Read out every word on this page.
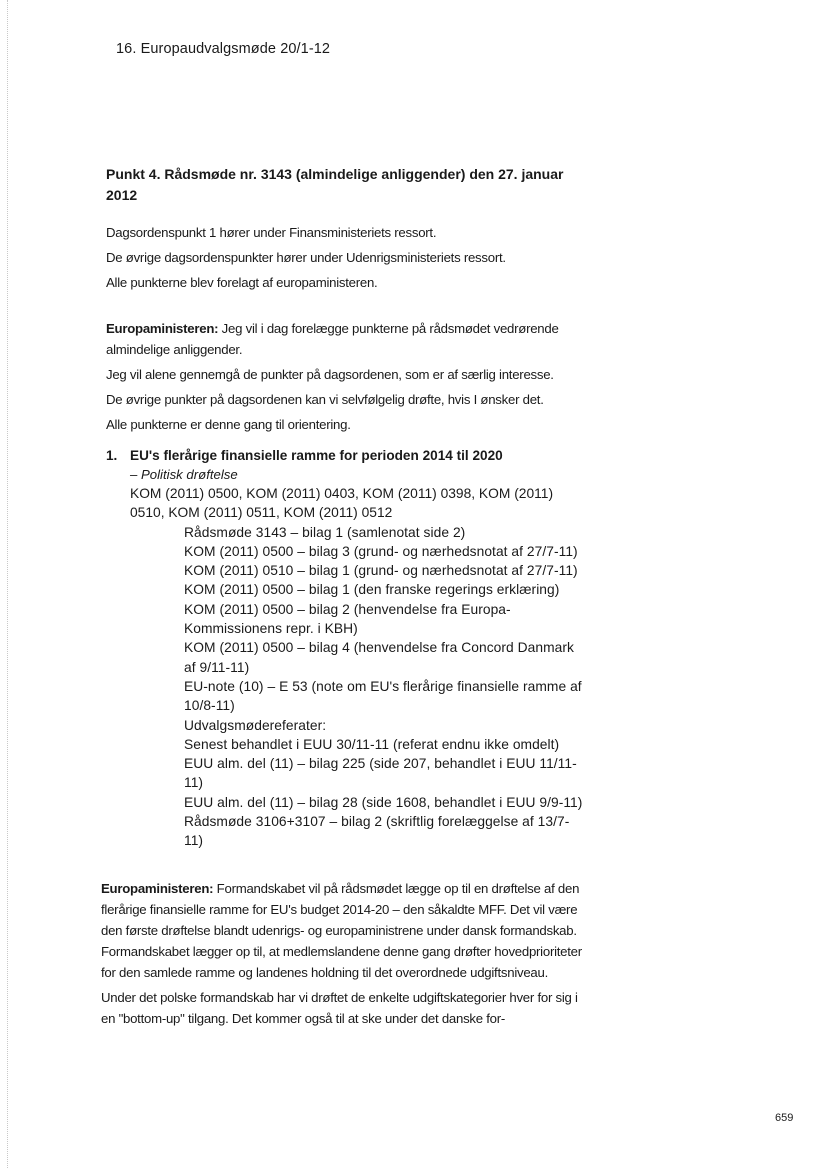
16. Europaudvalgsmøde 20/1-12
Punkt 4. Rådsmøde nr. 3143 (almindelige anliggender) den 27. januar
2012

Dagsordenspunkt 1 hører under Finansministeriets ressort.

De øvrige dagsordenspunkter hører under Udenrigsministeriets ressort.

Alle punkterne blev forelagt af europaministeren.

Europaministeren: Jeg vil i dag forelægge punkterne på rådsmødet vedrørende almindelige anliggender.

Jeg vil alene gennemgå de punkter på dagsordenen, som er af særlig interesse.

De øvrige punkter på dagsordenen kan vi selvfølgelig drøfte, hvis I ønsker det.

Alle punkterne er denne gang til orientering.

1. EU's flerårige finansielle ramme for perioden 2014 til 2020
– Politisk drøftelse
KOM (2011) 0500, KOM (2011) 0403, KOM (2011) 0398, KOM (2011)
0510, KOM (2011) 0511, KOM (2011) 0512
Rådsmøde 3143 – bilag 1 (samlenotat side 2)
KOM (2011) 0500 – bilag 3 (grund- og nærhedsnotat af 27/7-11)
KOM (2011) 0510 – bilag 1 (grund- og nærhedsnotat af 27/7-11)
KOM (2011) 0500 – bilag 1 (den franske regerings erklæring)
KOM (2011) 0500 – bilag 2 (henvendelse fra Europa-
Kommissionens repr. i KBH)
KOM (2011) 0500 – bilag 4 (henvendelse fra Concord Danmark
af 9/11-11)
EU-note (10) – E 53 (note om EU's flerårige finansielle ramme af
10/8-11)
Udvalgsmødereferater:
Senest behandlet i EUU 30/11-11 (referat endnu ikke omdelt)
EUU alm. del (11) – bilag 225 (side 207, behandlet i EUU 11/11-
11)
EUU alm. del (11) – bilag 28 (side 1608, behandlet i EUU 9/9-11)
Rådsmøde 3106+3107 – bilag 2 (skriftlig forelæggelse af 13/7-
11)

Europaministeren: Formandskabet vil på rådsmødet lægge op til en drøftelse af den flerårige finansielle ramme for EU's budget 2014-20 – den såkaldte MFF. Det vil være den første drøftelse blandt udenrigs- og europaministrene under dansk formandskab. Formandskabet lægger op til, at medlemslandene denne gang drøfter hovedprioriteter for den samlede ramme og landenes holdning til det overordnede udgiftsniveau.

Under det polske formandskab har vi drøftet de enkelte udgiftskategorier hver for sig i en "bottom-up" tilgang. Det kommer også til at ske under det danske for-

659
